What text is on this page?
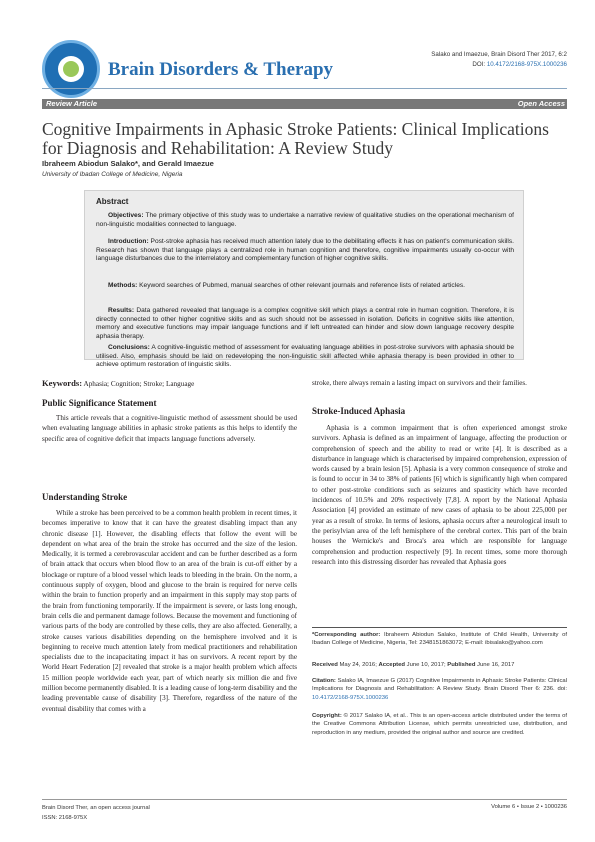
Brain Disorders & Therapy
Salako and Imaezue, Brain Disord Ther 2017, 6:2
DOI: 10.4172/2168-975X.1000236
Review Article	Open Access
Cognitive Impairments in Aphasic Stroke Patients: Clinical Implications for Diagnosis and Rehabilitation: A Review Study
Ibraheem Abiodun Salako*, and Gerald Imaezue
University of Ibadan College of Medicine, Nigeria
Abstract
Objectives: The primary objective of this study was to undertake a narrative review of qualitative studies on the operational mechanism of non-linguistic modalities connected to language.
Introduction: Post-stroke aphasia has received much attention lately due to the debilitating effects it has on patient's communication skills. Research has shown that language plays a centralized role in human cognition and therefore, cognitive impairments usually co-occur with language disturbances due to the interrelatory and complementary function of higher cognitive skills.
Methods: Keyword searches of Pubmed, manual searches of other relevant journals and reference lists of related articles.
Results: Data gathered revealed that language is a complex cognitive skill which plays a central role in human cognition. Therefore, it is directly connected to other higher cognitive skills and as such should not be assessed in isolation. Deficits in cognitive skills like attention, memory and executive functions may impair language functions and if left untreated can hinder and slow down language recovery despite aphasia therapy.
Conclusions: A cognitive-linguistic method of assessment for evaluating language abilities in post-stroke survivors with aphasia should be utilised. Also, emphasis should be laid on redeveloping the non-linguistic skill affected while aphasia therapy is been provided in other to achieve optimum restoration of linguistic skills.
Keywords: Aphasia; Cognition; Stroke; Language
Public Significance Statement

This article reveals that a cognitive-linguistic method of assessment should be used when evaluating language abilities in aphasic stroke patients as this helps to identify the specific area of cognitive deficit that impacts language functions adversely.

Understanding Stroke

While a stroke has been perceived to be a common health problem in recent times, it becomes imperative to know that it can have the greatest disabling impact than any chronic disease [1]. However, the disabling effects that follow the event will be dependent on what area of the brain the stroke has occurred and the size of the lesion. Medically, it is termed a cerebrovascular accident and can be further described as a form of brain attack that occurs when blood flow to an area of the brain is cut-off either by a blockage or rupture of a blood vessel which leads to bleeding in the brain. On the norm, a continuous supply of oxygen, blood and glucose to the brain is required for nerve cells within the brain to function properly and an impairment in this supply may stop parts of the brain from functioning temporarily. If the impairment is severe, or lasts long enough, brain cells die and permanent damage follows. Because the movement and functioning of various parts of the body are controlled by these cells, they are also affected. Generally, a stroke causes various disabilities depending on the hemisphere involved and it is beginning to receive much attention lately from medical practitioners and rehabilitation specialists due to the incapacitating impact it has on survivors. A recent report by the World Heart Federation [2] revealed that stroke is a major health problem which affects 15 million people worldwide each year, part of which nearly six million die and five million become permanently disabled. It is a leading cause of long-term disability and the leading preventable cause of disability [3]. Therefore, regardless of the nature of the eventual disability that comes with a

stroke, there always remain a lasting impact on survivors and their families.
Stroke-Induced Aphasia

Aphasia is a common impairment that is often experienced amongst stroke survivors. Aphasia is defined as an impairment of language, affecting the production or comprehension of speech and the ability to read or write [4]. It is described as a disturbance in language which is characterised by impaired comprehension, expression of words caused by a brain lesion [5]. Aphasia is a very common consequence of stroke and is found to occur in 34 to 38% of patients [6] which is significantly high when compared to other post-stroke conditions such as seizures and spasticity which have recorded incidences of 10.5% and 20% respectively [7,8]. A report by the National Aphasia Association [4] provided an estimate of new cases of aphasia to be about 225,000 per year as a result of stroke. In terms of lesions, aphasia occurs after a neurological insult to the perisylvian area of the left hemisphere of the cerebral cortex. This part of the brain houses the Wernicke's and Broca's area which are responsible for language comprehension and production respectively [9]. In recent times, some more thorough research into this distressing disorder has revealed that Aphasia goes

*Corresponding author: Ibraheem Abiodun Salako, Institute of Child Health, University of Ibadan College of Medicine, Nigeria, Tel: 2348151863072; E-mail: ibisalako@yahoo.com
Received May 24, 2016; Accepted June 10, 2017; Published June 16, 2017
Citation: Salako IA, Imaezue G (2017) Cognitive Impairments in Aphasic Stroke Patients: Clinical Implications for Diagnosis and Rehabilitation: A Review Study. Brain Disord Ther 6: 236. doi: 10.4172/2168-975X.1000236
Copyright: © 2017 Salako IA, et al.. This is an open-access article distributed under the terms of the Creative Commons Attribution License, which permits unrestricted use, distribution, and reproduction in any medium, provided the original author and source are credited.
Brain Disord Ther, an open access journal
ISSN: 2168-975X
Volume 6 • Issue 2 • 1000236
